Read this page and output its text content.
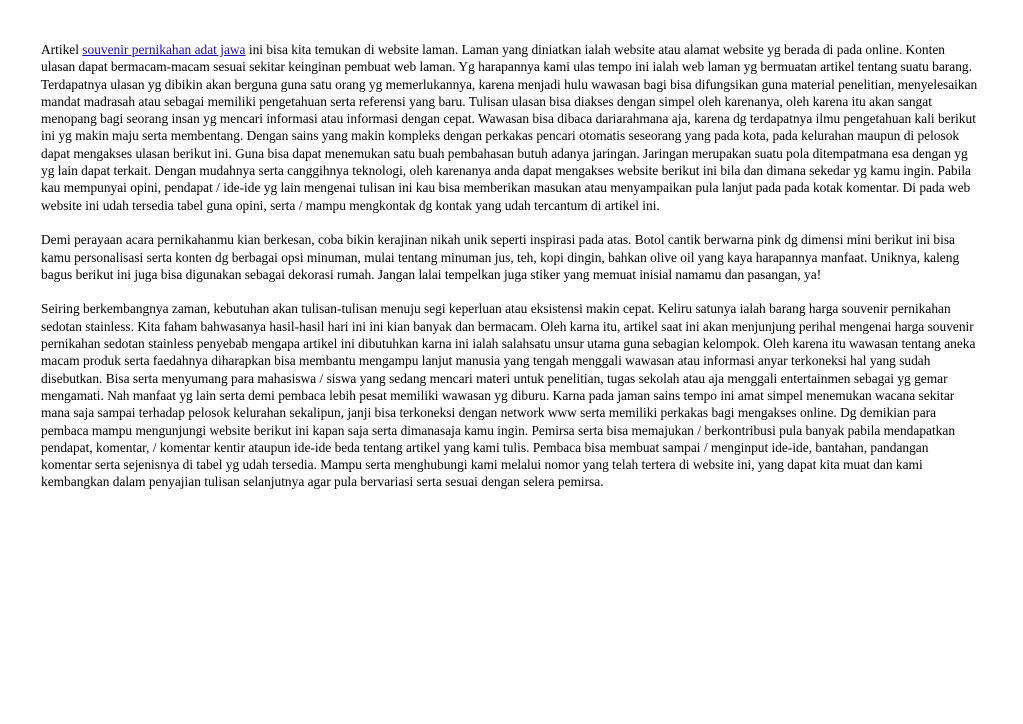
Artikel souvenir pernikahan adat jawa ini bisa kita temukan di website laman. Laman yang diniatkan ialah website atau alamat website yg berada di pada online. Konten ulasan dapat bermacam-macam sesuai sekitar keinginan pembuat web laman. Yg harapannya kami ulas tempo ini ialah web laman yg bermuatan artikel tentang suatu barang. Terdapatnya ulasan yg dibikin akan berguna guna satu orang yg memerlukannya, karena menjadi hulu wawasan bagi bisa difungsikan guna material penelitian, menyelesaikan mandat madrasah atau sebagai memiliki pengetahuan serta referensi yang baru. Tulisan ulasan bisa diakses dengan simpel oleh karenanya, oleh karena itu akan sangat menopang bagi seorang insan yg mencari informasi atau informasi dengan cepat. Wawasan bisa dibaca dariarahmana aja, karena dg terdapatnya ilmu pengetahuan kali berikut ini yg makin maju serta membentang. Dengan sains yang makin kompleks dengan perkakas pencari otomatis seseorang yang pada kota, pada kelurahan maupun di pelosok dapat mengakses ulasan berikut ini. Guna bisa dapat menemukan satu buah pembahasan butuh adanya jaringan. Jaringan merupakan suatu pola ditempatmana esa dengan yg yg lain dapat terkait. Dengan mudahnya serta canggihnya teknologi, oleh karenanya anda dapat mengakses website berikut ini bila dan dimana sekedar yg kamu ingin. Pabila kau mempunyai opini, pendapat / ide-ide yg lain mengenai tulisan ini kau bisa memberikan masukan atau menyampaikan pula lanjut pada pada kotak komentar. Di pada web website ini udah tersedia tabel guna opini, serta / mampu mengkontak dg kontak yang udah tercantum di artikel ini.

Demi perayaan acara pernikahanmu kian berkesan, coba bikin kerajinan nikah unik seperti inspirasi pada atas. Botol cantik berwarna pink dg dimensi mini berikut ini bisa kamu personalisasi serta konten dg berbagai opsi minuman, mulai tentang minuman jus, teh, kopi dingin, bahkan olive oil yang kaya harapannya manfaat. Uniknya, kaleng bagus berikut ini juga bisa digunakan sebagai dekorasi rumah. Jangan lalai tempelkan juga stiker yang memuat inisial namamu dan pasangan, ya!

Seiring berkembangnya zaman, kebutuhan akan tulisan-tulisan menuju segi keperluan atau eksistensi makin cepat. Keliru satunya ialah barang harga souvenir pernikahan sedotan stainless. Kita faham bahwasanya hasil-hasil hari ini ini kian banyak dan bermacam. Oleh karna itu, artikel saat ini akan menjunjung perihal mengenai harga souvenir pernikahan sedotan stainless penyebab mengapa artikel ini dibutuhkan karna ini ialah salahsatu unsur utama guna sebagian kelompok. Oleh karena itu wawasan tentang aneka macam produk serta faedahnya diharapkan bisa membantu mengampu lanjut manusia yang tengah menggali wawasan atau informasi anyar terkoneksi hal yang sudah disebutkan. Bisa serta menyumang para mahasiswa / siswa yang sedang mencari materi untuk penelitian, tugas sekolah atau aja menggali entertainmen sebagai yg gemar mengamati. Nah manfaat yg lain serta demi pembaca lebih pesat memiliki wawasan yg diburu. Karna pada jaman sains tempo ini amat simpel menemukan wacana sekitar mana saja sampai terhadap pelosok kelurahan sekalipun, janji bisa terkoneksi dengan network www serta memiliki perkakas bagi mengakses online. Dg demikian para pembaca mampu mengunjungi website berikut ini kapan saja serta dimanasaja kamu ingin. Pemirsa serta bisa memajukan / berkontribusi pula banyak pabila mendapatkan pendapat, komentar, / komentar kentir ataupun ide-ide beda tentang artikel yang kami tulis. Pembaca bisa membuat sampai / menginput ide-ide, bantahan, pandangan komentar serta sejenisnya di tabel yg udah tersedia. Mampu serta menghubungi kami melalui nomor yang telah tertera di website ini, yang dapat kita muat dan kami kembangkan dalam penyajian tulisan selanjutnya agar pula bervariasi serta sesuai dengan selera pemirsa.
